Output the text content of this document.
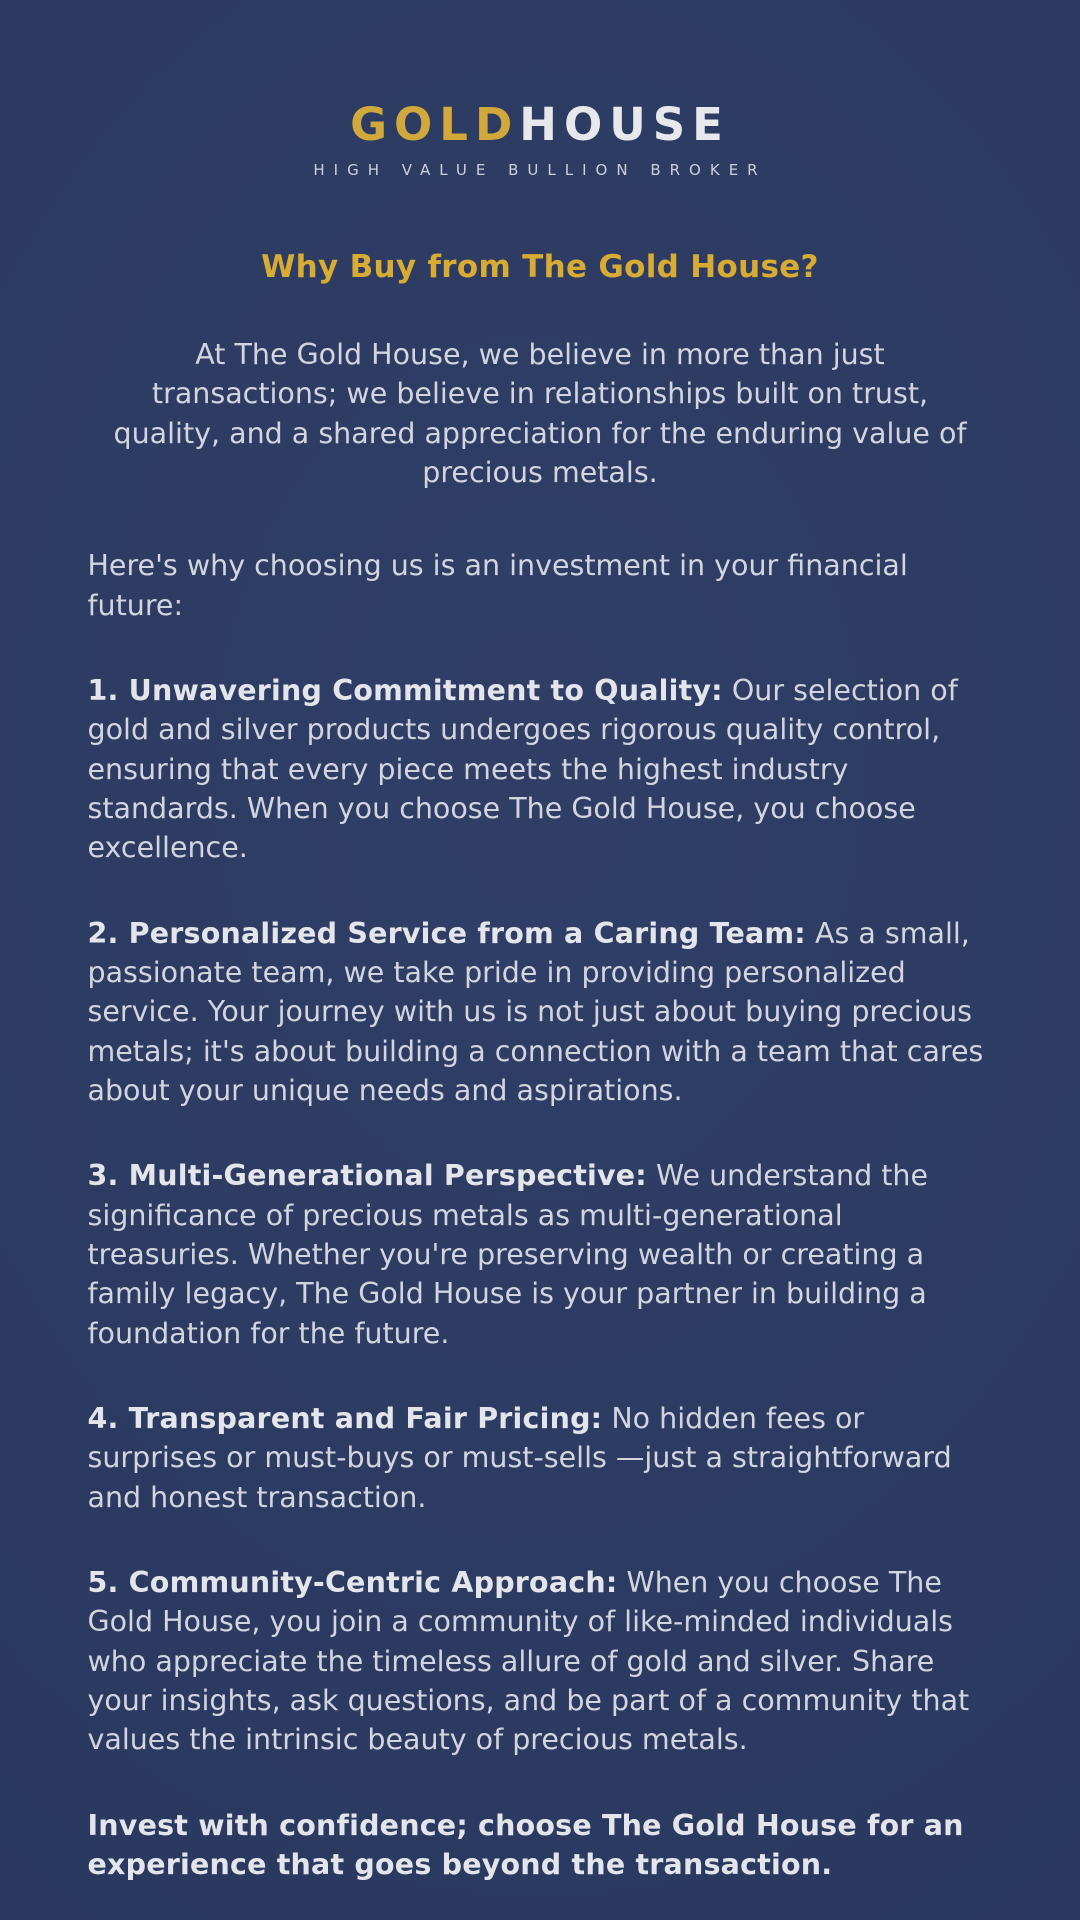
GOLDHOUSE
HIGH VALUE BULLION BROKER
Why Buy from The Gold House?

At The Gold House, we believe in more than just transactions; we believe in relationships built on trust, quality, and a shared appreciation for the enduring value of precious metals.

Here's why choosing us is an investment in your financial future:

1. Unwavering Commitment to Quality: Our selection of gold and silver products undergoes rigorous quality control, ensuring that every piece meets the highest industry standards. When you choose The Gold House, you choose excellence.

2. Personalized Service from a Caring Team: As a small, passionate team, we take pride in providing personalized service. Your journey with us is not just about buying precious metals; it's about building a connection with a team that cares about your unique needs and aspirations.

3. Multi-Generational Perspective: We understand the significance of precious metals as multi-generational treasuries. Whether you're preserving wealth or creating a family legacy, The Gold House is your partner in building a foundation for the future.

4. Transparent and Fair Pricing: No hidden fees or surprises or must-buys or must-sells —just a straightforward and honest transaction.

5. Community-Centric Approach: When you choose The Gold House, you join a community of like-minded individuals who appreciate the timeless allure of gold and silver. Share your insights, ask questions, and be part of a community that values the intrinsic beauty of precious metals.

Invest with confidence; choose The Gold House for an experience that goes beyond the transaction.
